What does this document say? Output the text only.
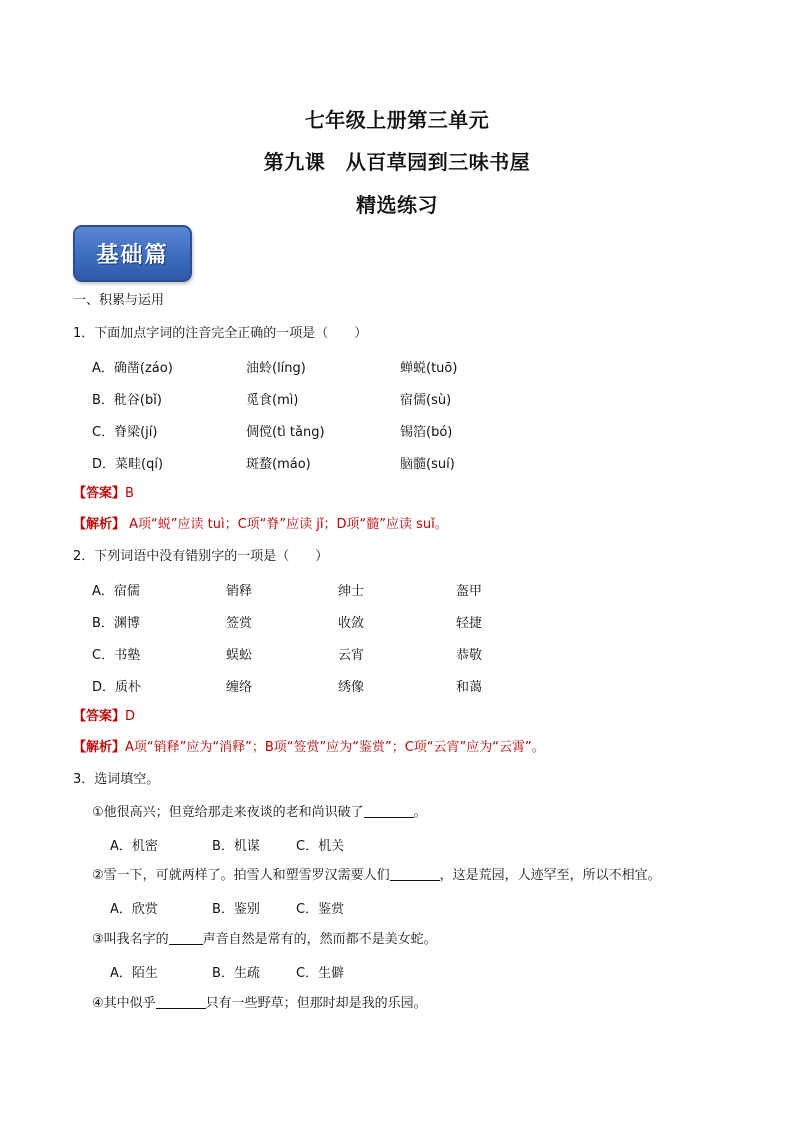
七年级上册第三单元
第九课　从百草园到三味书屋
精选练习
基础篇
一、积累与运用
1．下面加点字词的注音完全正确的一项是（　　）
A．确凿(záo)	油蛉(líng)	蝉蜕(tuō)
B．秕谷(bǐ)	觅食(mì)	宿儒(sù)
C．脊梁(jí)	倜傥(tì tǎng)	锡箔(bó)
D．菜畦(qí)	斑蝥(máo)	脑髓(suí)
【答案】B
【解析】 A项“蜕”应读 tuì；C项“脊”应读 jǐ；D项“髓”应读 suǐ。
2．下列词语中没有错别字的一项是（　　）
A．宿儒	销释	绅士	盔甲
B．渊博	签赏	收敛	轻捷
C．书塾	蜈蚣	云宵	恭敬
D．质朴	缠络	绣像	和蔼
【答案】D
【解析】A项“销释”应为“消释”；B项“签赏”应为“鉴赏”；C项“云宵”应为“云霄”。
3．选词填空。
①他很高兴；但竟给那走来夜谈的老和尚识破了	。
A．机密	B．机谋	C．机关
②雪一下，可就两样了。拍雪人和塑雪罗汉需要人们	，这是荒园，人迹罕至，所以不相宜。
A．欣赏	B．鉴别	C．鉴赏
③叫我名字的	声音自然是常有的，然而都不是美女蛇。
A．陌生	B．生疏	C．生僻
④其中似乎	只有一些野草；但那时却是我的乐园。
